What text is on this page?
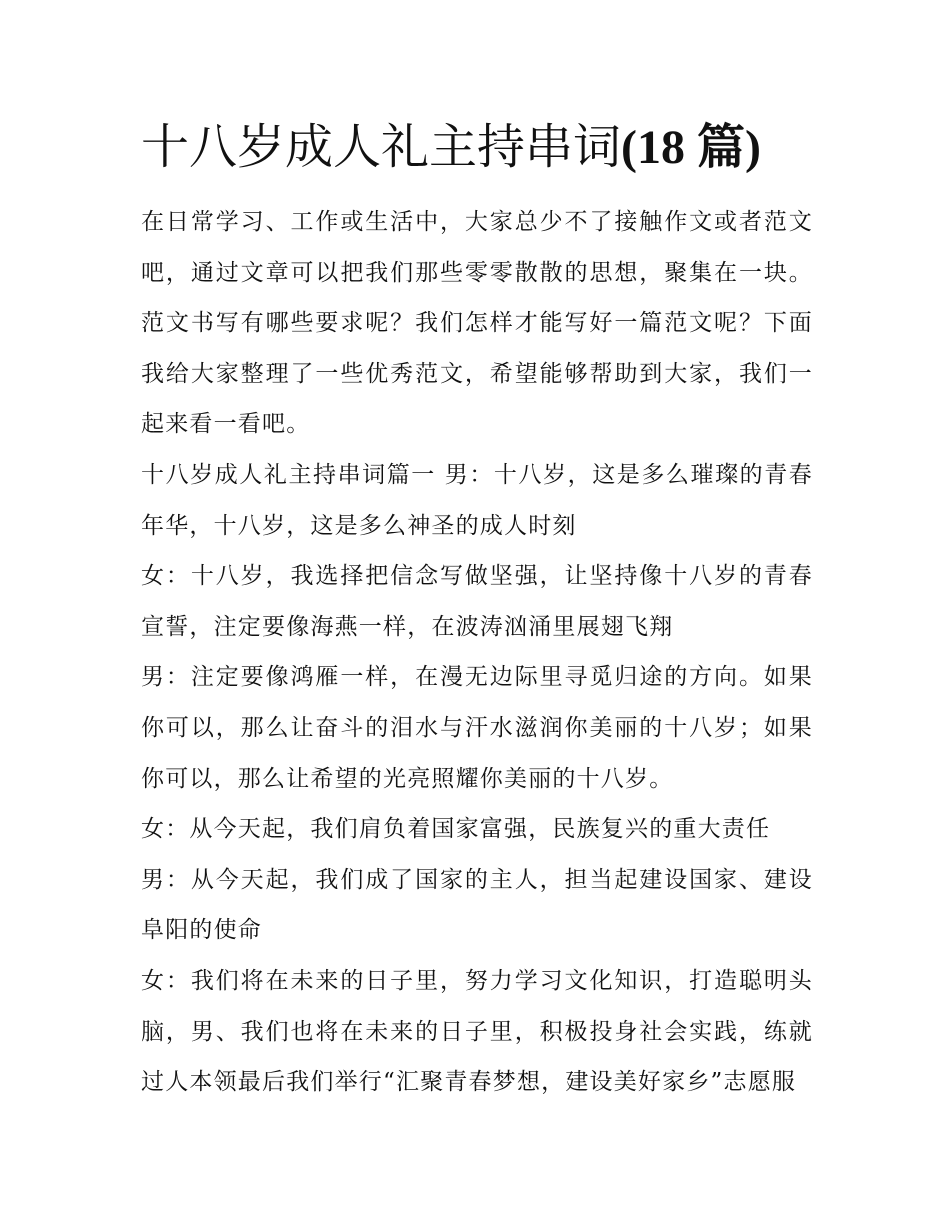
十八岁成人礼主持串词(18 篇)

在日常学习、工作或生活中，大家总少不了接触作文或者范文吧，通过文章可以把我们那些零零散散的思想，聚集在一块。范文书写有哪些要求呢？我们怎样才能写好一篇范文呢？下面我给大家整理了一些优秀范文，希望能够帮助到大家，我们一起来看一看吧。

十八岁成人礼主持串词篇一 男：十八岁，这是多么璀璨的青春年华，十八岁，这是多么神圣的成人时刻

女：十八岁，我选择把信念写做坚强，让坚持像十八岁的青春宣誓，注定要像海燕一样，在波涛汹涌里展翅飞翔

男：注定要像鸿雁一样，在漫无边际里寻觅归途的方向。如果你可以，那么让奋斗的泪水与汗水滋润你美丽的十八岁；如果你可以，那么让希望的光亮照耀你美丽的十八岁。

女：从今天起，我们肩负着国家富强，民族复兴的重大责任

男：从今天起，我们成了国家的主人，担当起建设国家、建设阜阳的使命

女：我们将在未来的日子里，努力学习文化知识，打造聪明头脑，男、我们也将在未来的日子里，积极投身社会实践，练就过人本领最后我们举行“汇聚青春梦想，建设美好家乡”志愿服
